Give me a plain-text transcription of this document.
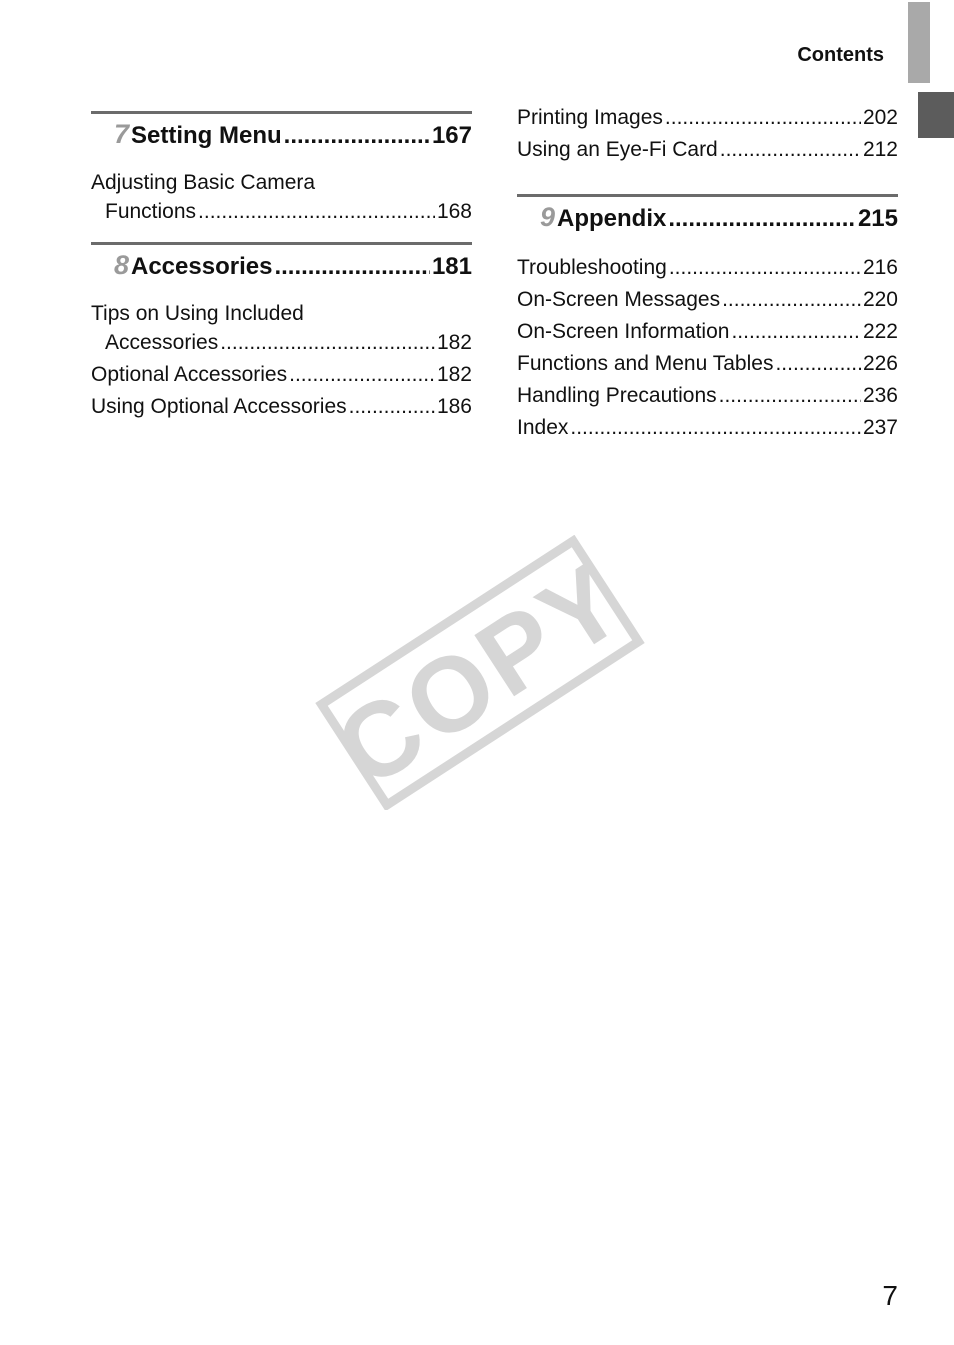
Contents
7 Setting Menu .....	167
Adjusting Basic Camera
Functions .....	168
8 Accessories .....	181
Tips on Using Included
Accessories .....	182
Optional Accessories .....	182
Using Optional Accessories .....	186
Printing Images .....	202
Using an Eye-Fi Card .....	212
9 Appendix .....	215
Troubleshooting .....	216
On-Screen Messages .....	220
On-Screen Information .....	222
Functions and Menu Tables .....	226
Handling Precautions .....	236
Index .....	237
COPY
7
